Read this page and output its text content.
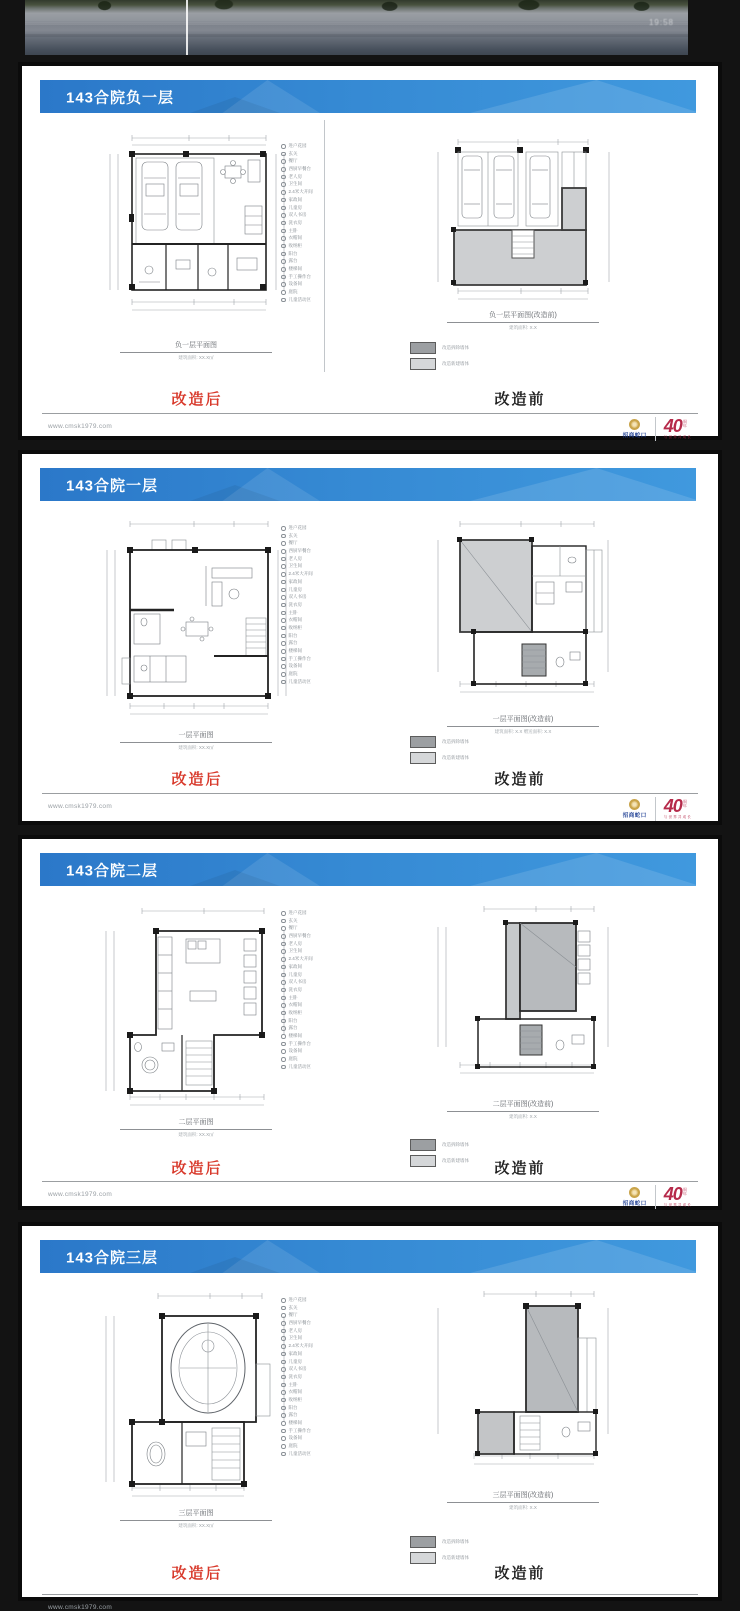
19:58
143合院负一层
负一层平面图
建筑面积: XX.X㎡
进户花园
玄关
餐厅
西厨早餐台
老人房
卫生间
2.4米大开间
家政间
儿童房
双人书房
洗衣房
主卧
衣帽间
收纳柜
阳台
露台
楼梯间
手工操作台
设备间
庭院
儿童活动区
负一层平面图(改造前)
建筑面积: X.X
改造拆除墙体
改造新建墙体
改造后	改造前
www.cmsk1979.com
招商蛇口 40 周
年
与世界共成长
143合院一层
一层平面图
建筑面积: XX.X㎡
进户花园
玄关
餐厅
西厨早餐台
老人房
卫生间
2.4米大开间
家政间
儿童房
双人书房
洗衣房
主卧
衣帽间
收纳柜
阳台
露台
楼梯间
手工操作台
设备间
庭院
儿童活动区
一层平面图(改造前)
建筑面积: X.X 赠送面积: X.X
改造拆除墙体
改造新建墙体
改造后	改造前
www.cmsk1979.com
招商蛇口 40 周
年
与世界共成长
143合院二层
二层平面图
建筑面积: XX.X㎡
进户花园
玄关
餐厅
西厨早餐台
老人房
卫生间
2.4米大开间
家政间
儿童房
双人书房
洗衣房
主卧
衣帽间
收纳柜
阳台
露台
楼梯间
手工操作台
设备间
庭院
儿童活动区
二层平面图(改造前)
建筑面积: X.X
改造拆除墙体
改造新建墙体
改造后	改造前
www.cmsk1979.com
招商蛇口 40 周
年
与世界共成长
143合院三层
三层平面图
建筑面积: XX.X㎡
进户花园
玄关
餐厅
西厨早餐台
老人房
卫生间
2.4米大开间
家政间
儿童房
双人书房
洗衣房
主卧
衣帽间
收纳柜
阳台
露台
楼梯间
手工操作台
设备间
庭院
儿童活动区
三层平面图(改造前)
建筑面积: X.X
改造拆除墙体
改造新建墙体
改造后	改造前
www.cmsk1979.com
